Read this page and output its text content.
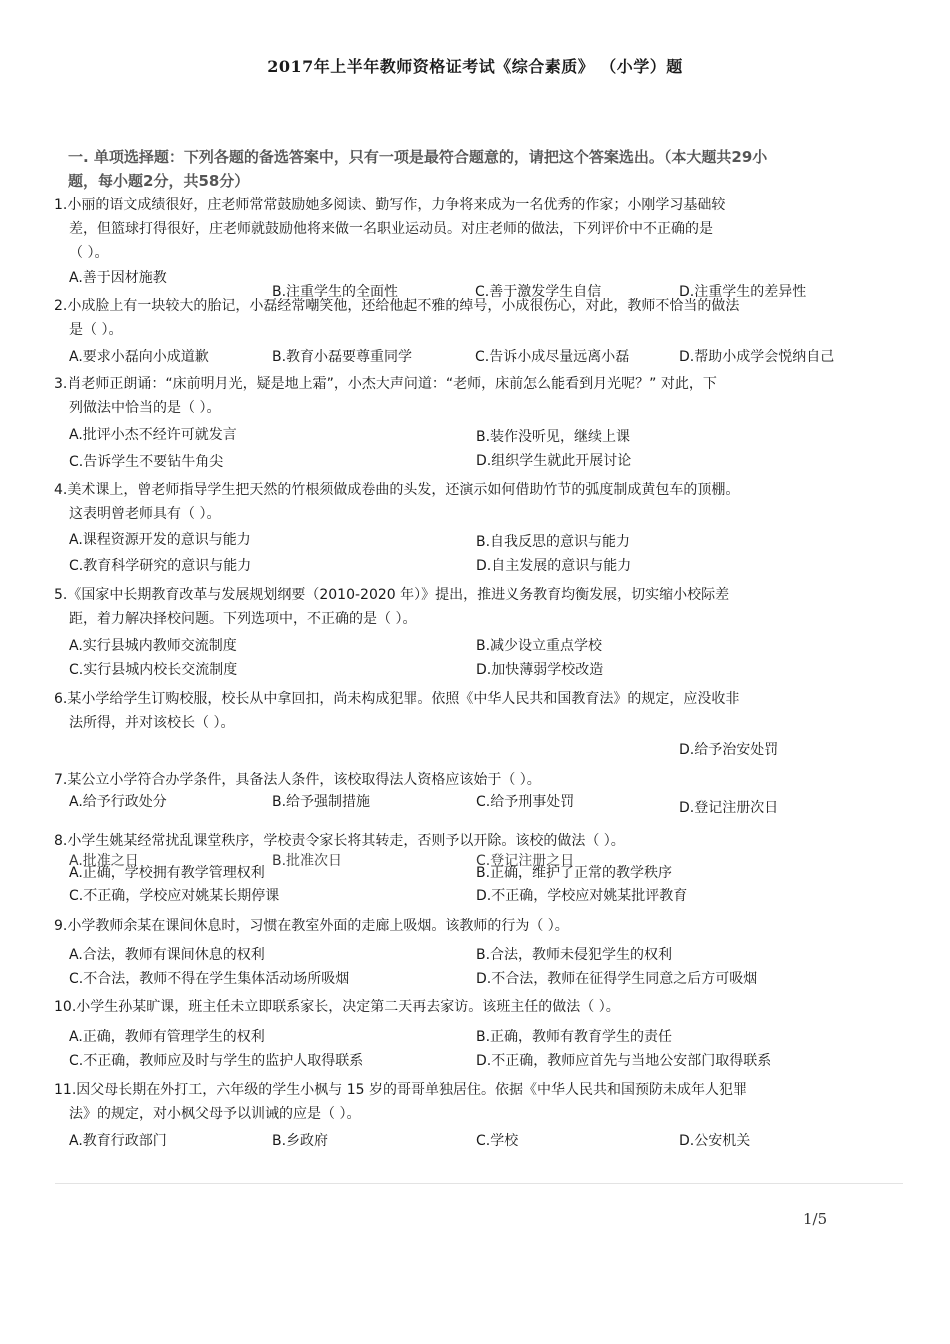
2017年上半年教师资格证考试《综合素质》 （小学）题
一. 单项选择题：下列各题的备选答案中，只有一项是最符合题意的，请把这个答案选出。（本大题共29小
题，每小题2分，共58分）
1.小丽的语文成绩很好，庄老师常常鼓励她多阅读、勤写作，力争将来成为一名优秀的作家；小刚学习基础较
差，但篮球打得很好，庄老师就鼓励他将来做一名职业运动员。对庄老师的做法，下列评价中不正确的是
（ ）。
A.善于因材施教
B.注重学生的全面性	C.善于激发学生自信	D.注重学生的差异性
2.小成脸上有一块较大的胎记，小磊经常嘲笑他，还给他起不雅的绰号，小成很伤心，对此，教师不恰当的做法
是（ ）。
A.要求小磊向小成道歉	B.教育小磊要尊重同学	C.告诉小成尽量远离小磊	D.帮助小成学会悦纳自己
3.肖老师正朗诵：“床前明月光，疑是地上霜”，小杰大声问道：“老师，床前怎么能看到月光呢？” 对此，下
列做法中恰当的是（ ）。
A.批评小杰不经许可就发言	B.装作没听见，继续上课
C.告诉学生不要钻牛角尖	D.组织学生就此开展讨论
4.美术课上，曾老师指导学生把天然的竹根须做成卷曲的头发，还演示如何借助竹节的弧度制成黄包车的顶棚。
这表明曾老师具有（ ）。
A.课程资源开发的意识与能力	B.自我反思的意识与能力
C.教育科学研究的意识与能力	D.自主发展的意识与能力
5.《国家中长期教育改革与发展规划纲要（2010-2020 年）》提出，推进义务教育均衡发展，切实缩小校际差
距，着力解决择校问题。下列选项中，不正确的是（ ）。
A.实行县城内教师交流制度	B.减少设立重点学校
C.实行县城内校长交流制度	D.加快薄弱学校改造
6.某小学给学生订购校服，校长从中拿回扣，尚未构成犯罪。依照《中华人民共和国教育法》的规定，应没收非
法所得，并对该校长（ ）。
D.给予治安处罚
7.某公立小学符合办学条件，具备法人条件，该校取得法人资格应该始于（ ）。
A.给予行政处分	B.给予强制措施	C.给予刑事处罚	D.登记注册次日
8.小学生姚某经常扰乱课堂秩序，学校责令家长将其转走，否则予以开除。该校的做法（ ）。
A.批准之日	B.批准次日	C.登记注册之日
A.正确，学校拥有教学管理权利	B.正确，维护了正常的教学秩序
C.不正确，学校应对姚某长期停课	D.不正确，学校应对姚某批评教育
9.小学教师余某在课间休息时，习惯在教室外面的走廊上吸烟。该教师的行为（ ）。
A.合法，教师有课间休息的权利	B.合法，教师未侵犯学生的权利
C.不合法，教师不得在学生集体活动场所吸烟	D.不合法，教师在征得学生同意之后方可吸烟
10.小学生孙某旷课，班主任未立即联系家长，决定第二天再去家访。该班主任的做法（ ）。
A.正确，教师有管理学生的权利	B.正确，教师有教育学生的责任
C.不正确，教师应及时与学生的监护人取得联系	D.不正确，教师应首先与当地公安部门取得联系
11.因父母长期在外打工，六年级的学生小枫与 15 岁的哥哥单独居住。依据《中华人民共和国预防未成年人犯罪
法》的规定，对小枫父母予以训诫的应是（ ）。
A.教育行政部门	B.乡政府	C.学校	D.公安机关
1/5
